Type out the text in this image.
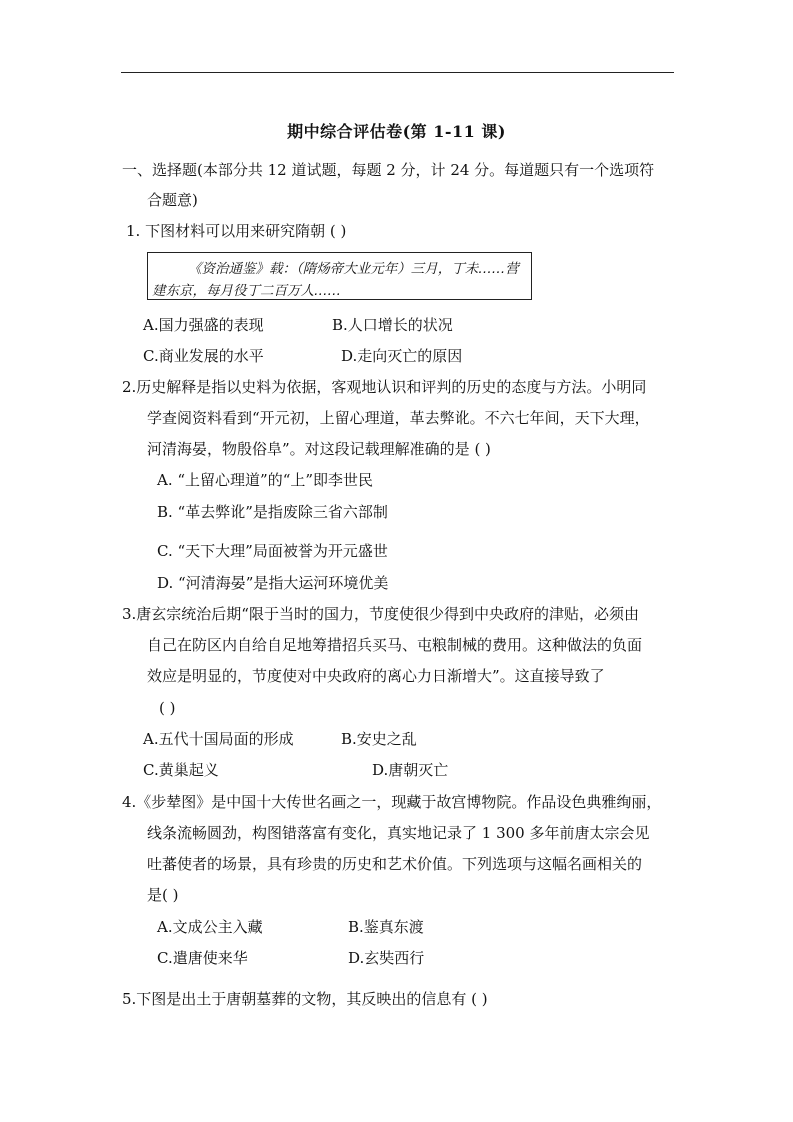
期中综合评估卷(第 1-11 课)
一、选择题(本部分共 12 道试题，每题 2 分，计 24 分。每道题只有一个选项符
合题意)
1. 下图材料可以用来研究隋朝 ( )
《资治通鉴》载：（隋炀帝大业元年）三月，丁未……营
建东京，每月役丁二百万人……
A.国力强盛的表现	B.人口增长的状况
C.商业发展的水平	D.走向灭亡的原因
2.历史解释是指以史料为依据，客观地认识和评判的历史的态度与方法。小明同
学查阅资料看到“开元初，上留心理道，革去弊讹。不六七年间，天下大理，
河清海晏，物殷俗阜”。对这段记载理解准确的是 ( )
A. “上留心理道”的“上”即李世民
B. “革去弊讹”是指废除三省六部制
C. “天下大理”局面被誉为开元盛世
D. “河清海晏”是指大运河环境优美
3.唐玄宗统治后期“限于当时的国力，节度使很少得到中央政府的津贴，必须由
自己在防区内自给自足地筹措招兵买马、屯粮制械的费用。这种做法的负面
效应是明显的，节度使对中央政府的离心力日渐增大”。这直接导致了
( )
A.五代十国局面的形成	B.安史之乱
C.黄巢起义	D.唐朝灭亡
4.《步辇图》是中国十大传世名画之一，现藏于故宫博物院。作品设色典雅绚丽，
线条流畅圆劲，构图错落富有变化，真实地记录了 1 300 多年前唐太宗会见
吐蕃使者的场景，具有珍贵的历史和艺术价值。下列选项与这幅名画相关的
是( )
A.文成公主入藏	B.鉴真东渡
C.遣唐使来华	D.玄奘西行
5.下图是出土于唐朝墓葬的文物，其反映出的信息有 ( )
